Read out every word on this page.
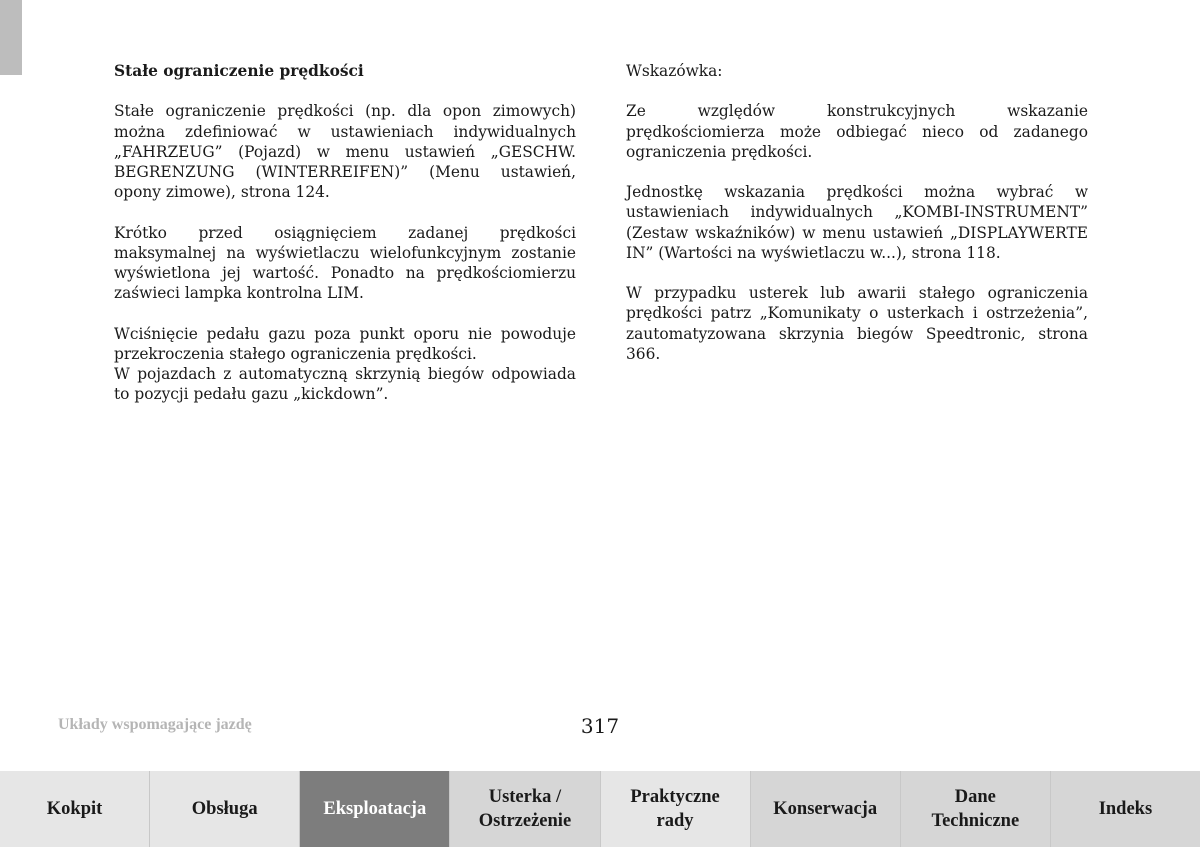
Stałe ograniczenie prędkości

Stałe ograniczenie prędkości (np. dla opon zimowych) można zdefiniować w ustawieniach indywidualnych „FAHRZEUG” (Pojazd) w menu ustawień „GESCHW. BEGRENZUNG (WINTERREIFEN)” (Menu ustawień, opony zimowe), strona 124.

Krótko przed osiągnięciem zadanej prędkości maksymalnej na wyświetlaczu wielofunkcyjnym zostanie wyświetlona jej wartość. Ponadto na prędkościomierzu zaświeci lampka kontrolna LIM.

Wciśnięcie pedału gazu poza punkt oporu nie powoduje przekroczenia stałego ograniczenia prędkości.

W pojazdach z automatyczną skrzynią biegów odpowiada to pozycji pedału gazu „kickdown”.

Wskazówka:

Ze względów konstrukcyjnych wskazanie prędkościomierza może odbiegać nieco od zadanego ograniczenia prędkości.

Jednostkę wskazania prędkości można wybrać w ustawieniach indywidualnych „KOMBI-INSTRUMENT” (Zestaw wskaźników) w menu ustawień „DISPLAYWERTE IN” (Wartości na wyświetlaczu w...), strona 118.

W przypadku usterek lub awarii stałego ograniczenia prędkości patrz „Komunikaty o usterkach i ostrzeżenia”, zautomatyzowana skrzynia biegów Speedtronic, strona 366.

Układy wspomagające jazdę	317
Kokpit	Obsługa	Eksploatacja
Usterka /
Ostrzeżenie
Praktyczne
rady
Konserwacja
Dane
Techniczne
Indeks
